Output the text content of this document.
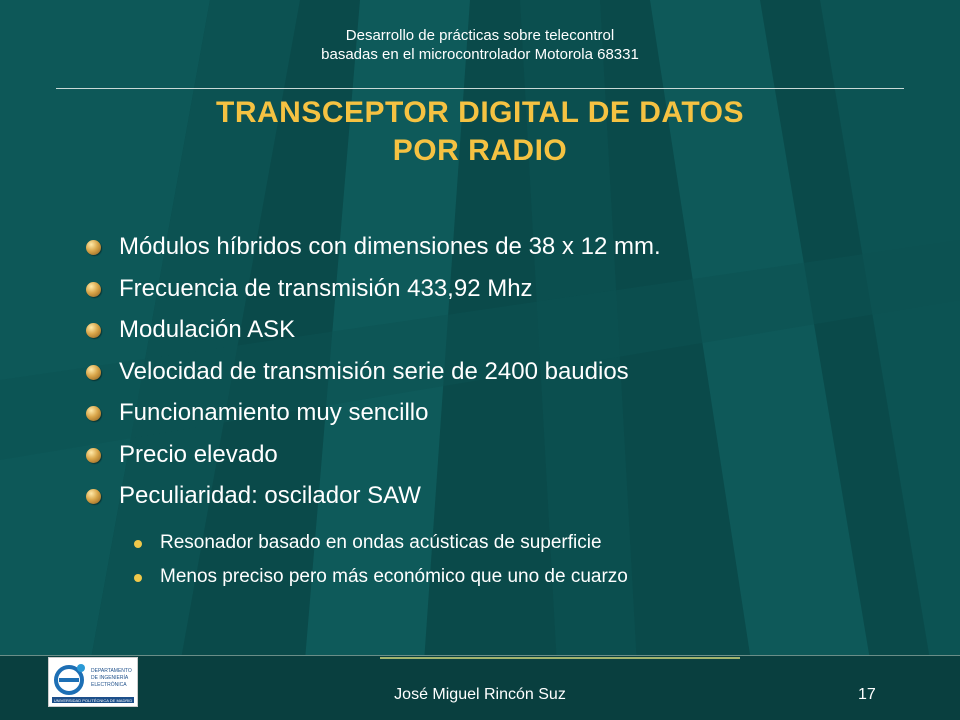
Desarrollo de prácticas sobre telecontrol
basadas en el microcontrolador Motorola 68331
TRANSCEPTOR DIGITAL DE DATOS
POR RADIO
Módulos híbridos con dimensiones de 38 x 12 mm.
Frecuencia de transmisión 433,92 Mhz
Modulación ASK
Velocidad de transmisión serie de 2400 baudios
Funcionamiento muy sencillo
Precio elevado
Peculiaridad: oscilador SAW
Resonador basado en ondas acústicas de superficie
Menos preciso pero más económico que uno de cuarzo
DEPARTAMENTO
DE INGENIERÍA
ELECTRÓNICA
UNIVERSIDAD POLITÉCNICA DE MADRID	José Miguel Rincón Suz	17
